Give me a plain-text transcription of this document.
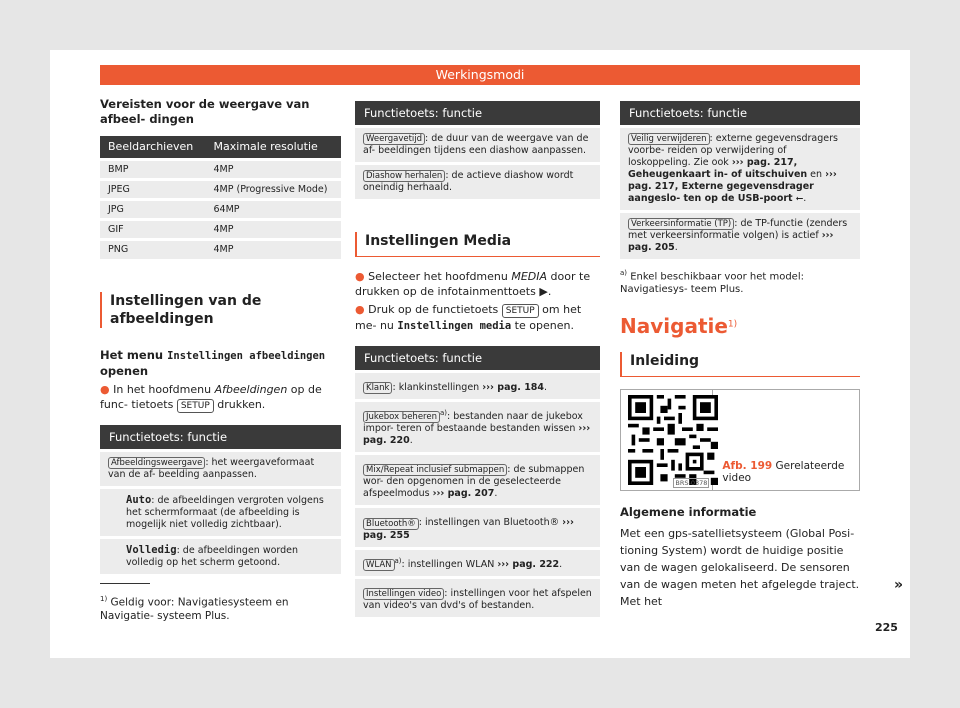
Werkingsmodi
Vereisten voor de weergave van afbeel- dingen
Beeldarchieven	Maximale resolutie
BMP	4MP
JPEG	4MP (Progressive Mode)
JPG	64MP
GIF	4MP
PNG	4MP
Instellingen van de afbeeldingen
Het menu Instellingen afbeeldingen openen

● In het hoofdmenu Afbeeldingen op de func- tietoets SETUP drukken.

Functietoets: functie
Afbeeldingsweergave : het weergaveformaat van de af- beelding aanpassen.
Auto: de afbeeldingen vergroten volgens het schermformaat (de afbeelding is mogelijk niet volledig zichtbaar).
Volledig: de afbeeldingen worden volledig op het scherm getoond.
Functietoets: functie
Weergavetijd : de duur van de weergave van de af- beeldingen tijdens een diashow aanpassen.
Diashow herhalen : de actieve diashow wordt oneindig herhaald.
Instellingen Media

● Selecteer het hoofdmenu MEDIA door te drukken op de infotainmenttoets ▶.

● Druk op de functietoets SETUP om het me- nu Instellingen media te openen.

Functietoets: functie
Klank : klankinstellingen ››› pag. 184.
Jukebox beheren $^{a)}$: bestanden naar de jukebox impor- teren of bestaande bestanden wissen ››› pag. 220.
Mix/Repeat inclusief submappen : de submappen wor- den opgenomen in de geselecteerde afspeelmodus ››› pag. 207.
Bluetooth® : instellingen van Bluetooth® ››› pag. 255
WLAN $^{a)}$: instellingen WLAN ››› pag. 222.
Instellingen video : instellingen voor het afspelen van video's van dvd's of bestanden.
Functietoets: functie
Veilig verwijderen : externe gegevensdragers voorbe- reiden op verwijdering of loskoppeling. Zie ook ››› pag. 217, Geheugenkaart in- of uitschuiven en ››› pag. 217, Externe gegevensdrager aangeslo- ten op de USB-poort ⭠.
Verkeersinformatie (TP) : de TP-functie (zenders met verkeersinformatie volgen) is actief ››› pag. 205.

$^{a)}$ Enkel beschikbaar voor het model: Navigatiesys- teem Plus.

Navigatie$^{1)}$
Inleiding
BRS-0378
Afb. 199 Gerelateerde video
Algemene informatie

Met een gps-satellietsysteem (Global Posi- tioning System) wordt de huidige positie van de wagen gelokaliseerd. De sensoren van de wagen meten het afgelegde traject. Met het

$^{1)}$ Geldig voor: Navigatiesysteem en Navigatie- systeem Plus.
»
225
